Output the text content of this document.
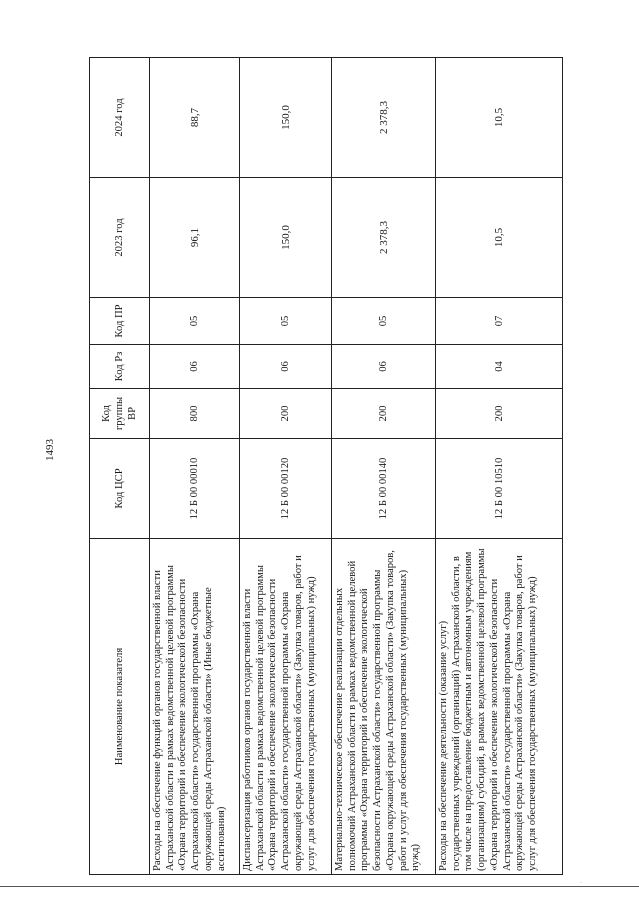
1493
Наименование показателя	Код ЦСР	Код группы ВР	Код Рз	Код ПР	2023 год	2024 год
Расходы на обеспечение функций органов государственной власти Астраханской области в рамках ведомственной целевой программы «Охрана территорий и обеспечение экологической безопасности Астраханской области» государственной программы «Охрана окружающей среды Астраханской области» (Иные бюджетные ассигнования)	12 Б 00 00010	800	06	05	96,1	88,7
Диспансеризация работников органов государственной власти Астраханской области в рамках ведомственной целевой программы «Охрана территорий и обеспечение экологической безопасности Астраханской области» государственной программы «Охрана окружающей среды Астраханской области» (Закупка товаров, работ и услуг для обеспечения государственных (муниципальных) нужд)	12 Б 00 00120	200	06	05	150,0	150,0
Материально-техническое обеспечение реализации отдельных полномочий Астраханской области в рамках ведомственной целевой программы «Охрана территорий и обеспечение экологической безопасности Астраханской области» государственной программы «Охрана окружающей среды Астраханской области» (Закупка товаров, работ и услуг для обеспечения государственных (муниципальных) нужд)	12 Б 00 00140	200	06	05	2 378,3	2 378,3
Расходы на обеспечение деятельности (оказание услуг) государственных учреждений (организаций) Астраханской области, в том числе на предоставление бюджетным и автономным учреждениям (организациям) субсидий, в рамках ведомственной целевой программы «Охрана территорий и обеспечение экологической безопасности Астраханской области» государственной программы «Охрана окружающей среды Астраханской области» (Закупка товаров, работ и услуг для обеспечения государственных (муниципальных) нужд)	12 Б 00 10510	200	04	07	10,5	10,5
·
